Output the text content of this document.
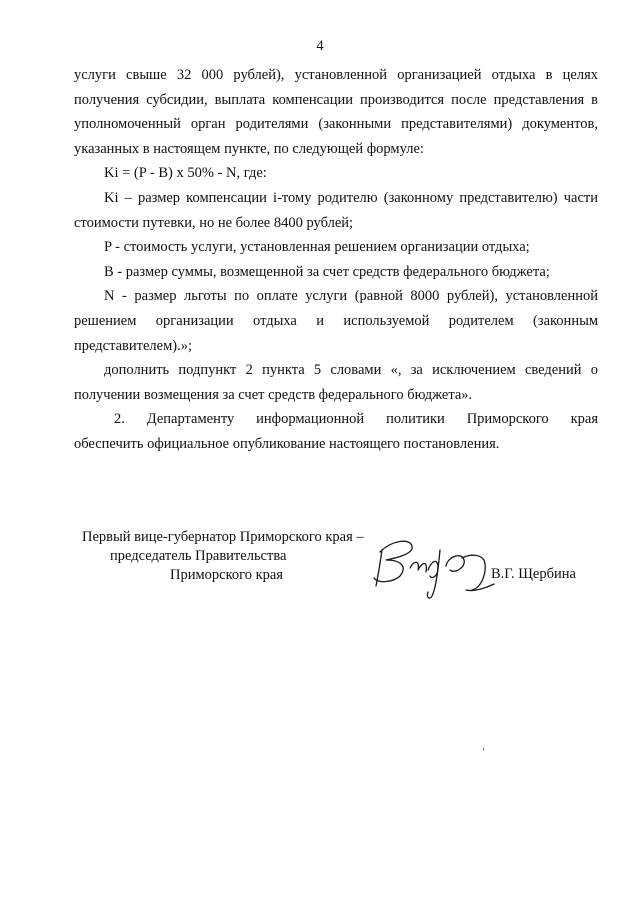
4

услуги свыше 32 000 рублей), установленной организацией отдыха в целях

получения субсидии, выплата компенсации производится после представления в

уполномоченный орган родителями (законными представителями) документов,

указанных в настоящем пункте, по следующей формуле:

Ki = (P - B) x 50% - N, где:

Ki – размер компенсации i-тому родителю (законному представителю) части

стоимости путевки, но не более 8400 рублей;

P - стоимость услуги, установленная решением организации отдыха;

B - размер суммы, возмещенной за счет средств федерального бюджета;

N - размер льготы по оплате услуги (равной 8000 рублей), установленной

решением организации отдыха и используемой родителем (законным

представителем).»;

дополнить подпункт 2 пункта 5 словами «, за исключением сведений о

получении возмещения за счет средств федерального бюджета».

2. Департаменту информационной политики Приморского края

обеспечить официальное опубликование настоящего постановления.

Первый вице-губернатор Приморского края –
председатель Правительства
Приморского края	В.Г. Щербина
